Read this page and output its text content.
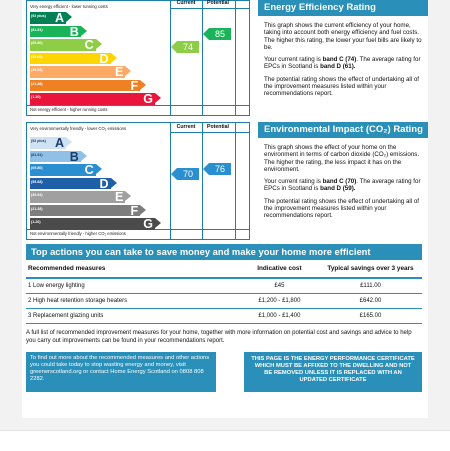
Very energy efficient - lower running costs
Current	Potential
(92 plus) A
(81-91) B
(69-80)	C
(55-68)	D
(39-54)	E
(21-38)	F
(1-20)	G
74
85
Not energy efficient - higher running costs
Energy Efficiency Rating

This graph shows the current efficiency of your home, taking into account both energy efficiency and fuel costs. The higher this rating, the lower your fuel bills are likely to be.

Your current rating is band C (74). The average rating for EPCs in Scotland is band D (61).

The potential rating shows the effect of undertaking all of the improvement measures listed within your recommendations report.

Very environmentally friendly - lower CO₂ emissions	Current	Potential
(92 plus) A
(81-91) B
(69-80)	C
(55-68)	D
(39-54)	E
(21-38)	F
(1-20)	G
70	76
Not environmentally friendly - higher CO₂ emissions
Environmental Impact (CO₂) Rating

This graph shows the effect of your home on the environment in terms of carbon dioxide (CO₂) emissions. The higher the rating, the less impact it has on the environment.

Your current rating is band C (70). The average rating for EPCs in Scotland is band D (59).

The potential rating shows the effect of undertaking all of the improvement measures listed within your recommendations report.

Top actions you can take to save money and make your home more efficient
Recommended measures	Indicative cost	Typical savings over 3 years
1 Low energy lighting	£45	£111.00
2 High heat retention storage heaters	£1,200 - £1,800	£642.00
3 Replacement glazing units	£1,000 - £1,400	£165.00
A full list of recommended improvement measures for your home, together with more information on potential cost and savings and advice to help you carry out improvements can be found in your recommendations report.
To find out more about the recommended measures and other actions you could take today to stop wasting energy and money, visit greenerscotland.org or contact Home Energy Scotland on 0808 808 2282.
THIS PAGE IS THE ENERGY PERFORMANCE CERTIFICATE WHICH MUST BE AFFIXED TO THE DWELLING AND NOT BE REMOVED UNLESS IT IS REPLACED WITH AN UPDATED CERTIFICATE
